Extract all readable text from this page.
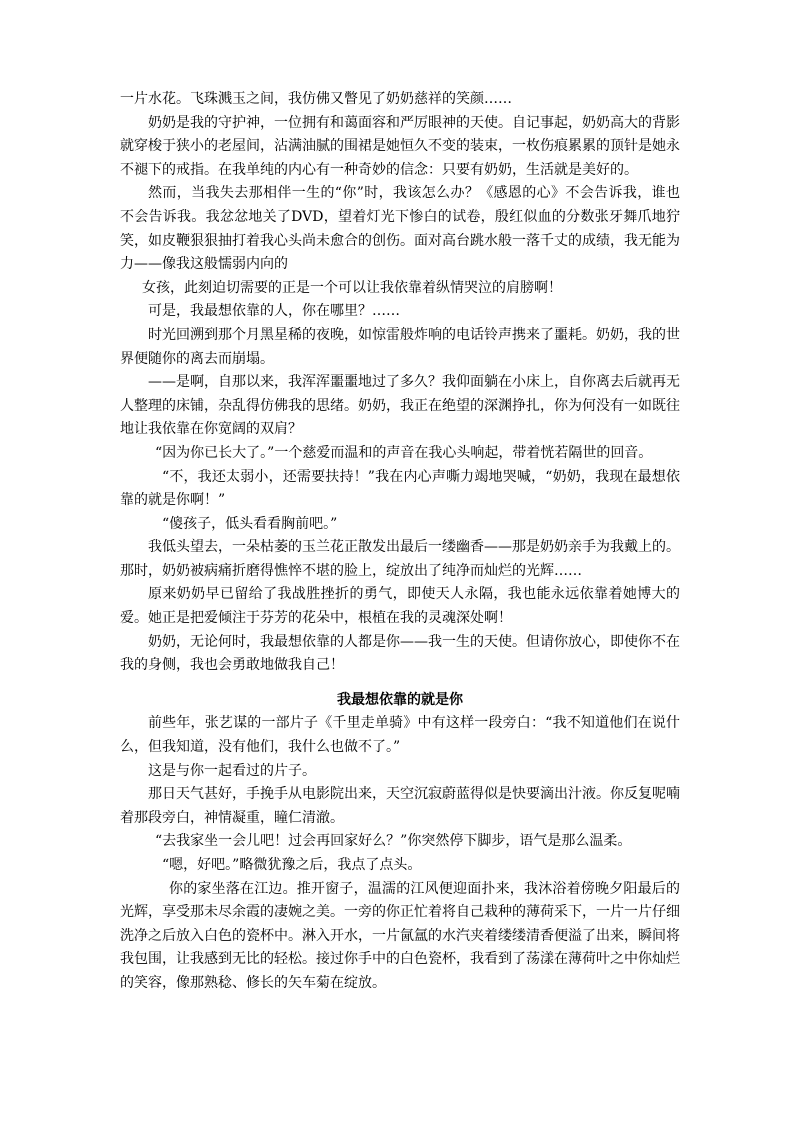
一片水花。飞珠溅玉之间，我仿佛又瞥见了奶奶慈祥的笑颜……

奶奶是我的守护神，一位拥有和蔼面容和严厉眼神的天使。自记事起，奶奶高大的背影就穿梭于狭小的老屋间，沾满油腻的围裙是她恒久不变的装束，一枚伤痕累累的顶针是她永不褪下的戒指。在我单纯的内心有一种奇妙的信念：只要有奶奶，生活就是美好的。

然而，当我失去那相伴一生的“你”时，我该怎么办？《感恩的心》不会告诉我，谁也不会告诉我。我忿忿地关了DVD，望着灯光下惨白的试卷，殷红似血的分数张牙舞爪地狞笑，如皮鞭狠狠抽打着我心头尚未愈合的创伤。面对高台跳水般一落千丈的成绩，我无能为力——像我这般懦弱内向的

女孩，此刻迫切需要的正是一个可以让我依靠着纵情哭泣的肩膀啊！

可是，我最想依靠的人，你在哪里？……

时光回溯到那个月黑星稀的夜晚，如惊雷般炸响的电话铃声携来了噩耗。奶奶，我的世界便随你的离去而崩塌。

——是啊，自那以来，我浑浑噩噩地过了多久？我仰面躺在小床上，自你离去后就再无人整理的床铺，杂乱得仿佛我的思绪。奶奶，我正在绝望的深渊挣扎，你为何没有一如既往地让我依靠在你宽阔的双肩？

“因为你已长大了。”一个慈爱而温和的声音在我心头响起，带着恍若隔世的回音。

“不，我还太弱小，还需要扶持！”我在内心声嘶力竭地哭喊，“奶奶，我现在最想依靠的就是你啊！”

“傻孩子，低头看看胸前吧。”

我低头望去，一朵枯萎的玉兰花正散发出最后一缕幽香——那是奶奶亲手为我戴上的。那时，奶奶被病痛折磨得憔悴不堪的脸上，绽放出了纯净而灿烂的光辉……

原来奶奶早已留给了我战胜挫折的勇气，即使天人永隔，我也能永远依靠着她博大的爱。她正是把爱倾注于芬芳的花朵中，根植在我的灵魂深处啊！

奶奶，无论何时，我最想依靠的人都是你——我一生的天使。但请你放心，即使你不在我的身侧，我也会勇敢地做我自己！

我最想依靠的就是你

前些年，张艺谋的一部片子《千里走单骑》中有这样一段旁白：“我不知道他们在说什么，但我知道，没有他们，我什么也做不了。”

这是与你一起看过的片子。

那日天气甚好，手挽手从电影院出来，天空沉寂蔚蓝得似是快要滴出汁液。你反复呢喃着那段旁白，神情凝重，瞳仁清澈。

“去我家坐一会儿吧！过会再回家好么？”你突然停下脚步，语气是那么温柔。

“嗯，好吧。”略微犹豫之后，我点了点头。

你的家坐落在江边。推开窗子，温濡的江风便迎面扑来，我沐浴着傍晚夕阳最后的光辉，享受那未尽余霞的凄婉之美。一旁的你正忙着将自己栽种的薄荷采下，一片一片仔细洗净之后放入白色的瓷杯中。淋入开水，一片氤氲的水汽夹着缕缕清香便溢了出来，瞬间将我包围，让我感到无比的轻松。接过你手中的白色瓷杯，我看到了荡漾在薄荷叶之中你灿烂的笑容，像那熟稔、修长的矢车菊在绽放。
